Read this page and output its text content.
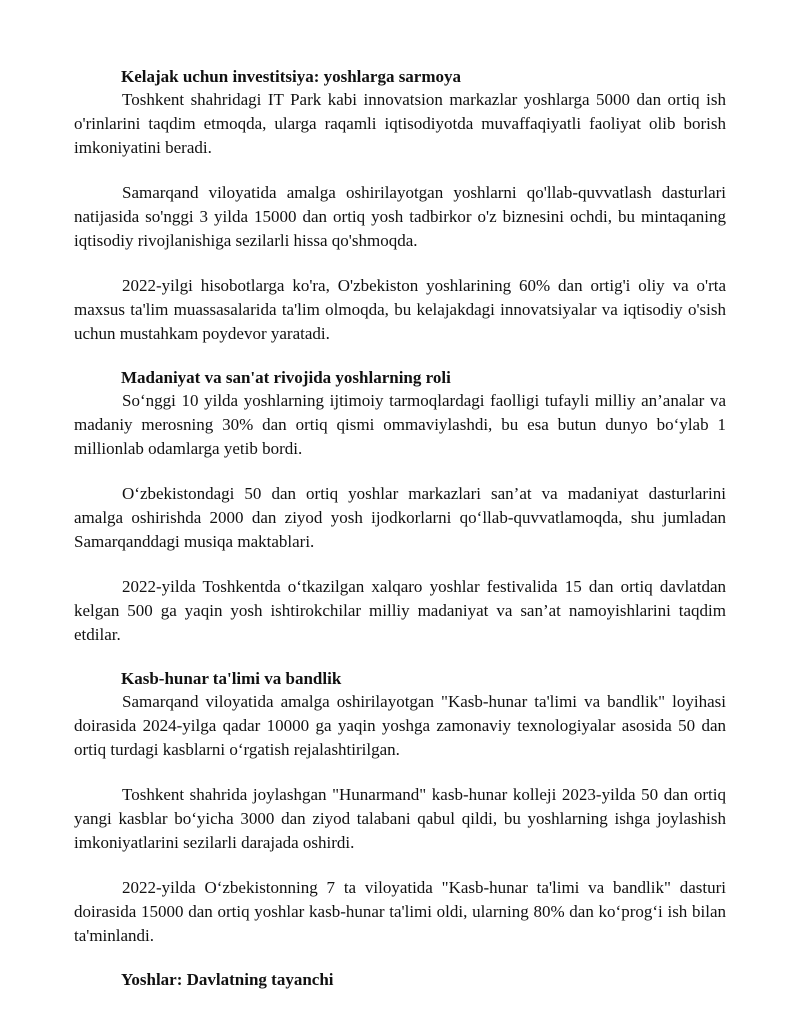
Kelajak uchun investitsiya: yoshlarga sarmoya

Toshkent shahridagi IT Park kabi innovatsion markazlar yoshlarga 5000 dan ortiq ish o'rinlarini taqdim etmoqda, ularga raqamli iqtisodiyotda muvaffaqiyatli faoliyat olib borish imkoniyatini beradi.

Samarqand viloyatida amalga oshirilayotgan yoshlarni qo'llab-quvvatlash dasturlari natijasida so'nggi 3 yilda 15000 dan ortiq yosh tadbirkor o'z biznesini ochdi, bu mintaqaning iqtisodiy rivojlanishiga sezilarli hissa qo'shmoqda.

2022-yilgi hisobotlarga ko'ra, O'zbekiston yoshlarining 60% dan ortig'i oliy va o'rta maxsus ta'lim muassasalarida ta'lim olmoqda, bu kelajakdagi innovatsiyalar va iqtisodiy o'sish uchun mustahkam poydevor yaratadi.

Madaniyat va san'at rivojida yoshlarning roli

So‘nggi 10 yilda yoshlarning ijtimoiy tarmoqlardagi faolligi tufayli milliy an’analar va madaniy merosning 30% dan ortiq qismi ommaviylashdi, bu esa butun dunyo bo‘ylab 1 millionlab odamlarga yetib bordi.

O‘zbekistondagi 50 dan ortiq yoshlar markazlari san’at va madaniyat dasturlarini amalga oshirishda 2000 dan ziyod yosh ijodkorlarni qo‘llab-quvvatlamoqda, shu jumladan Samarqanddagi musiqa maktablari.

2022-yilda Toshkentda o‘tkazilgan xalqaro yoshlar festivalida 15 dan ortiq davlatdan kelgan 500 ga yaqin yosh ishtirokchilar milliy madaniyat va san’at namoyishlarini taqdim etdilar.

Kasb-hunar ta'limi va bandlik

Samarqand viloyatida amalga oshirilayotgan "Kasb-hunar ta'limi va bandlik" loyihasi doirasida 2024-yilga qadar 10000 ga yaqin yoshga zamonaviy texnologiyalar asosida 50 dan ortiq turdagi kasblarni o‘rgatish rejalashtirilgan.

Toshkent shahrida joylashgan "Hunarmand" kasb-hunar kolleji 2023-yilda 50 dan ortiq yangi kasblar bo‘yicha 3000 dan ziyod talabani qabul qildi, bu yoshlarning ishga joylashish imkoniyatlarini sezilarli darajada oshirdi.

2022-yilda O‘zbekistonning 7 ta viloyatida "Kasb-hunar ta'limi va bandlik" dasturi doirasida 15000 dan ortiq yoshlar kasb-hunar ta'limi oldi, ularning 80% dan ko‘prog‘i ish bilan ta'minlandi.

Yoshlar: Davlatning tayanchi
